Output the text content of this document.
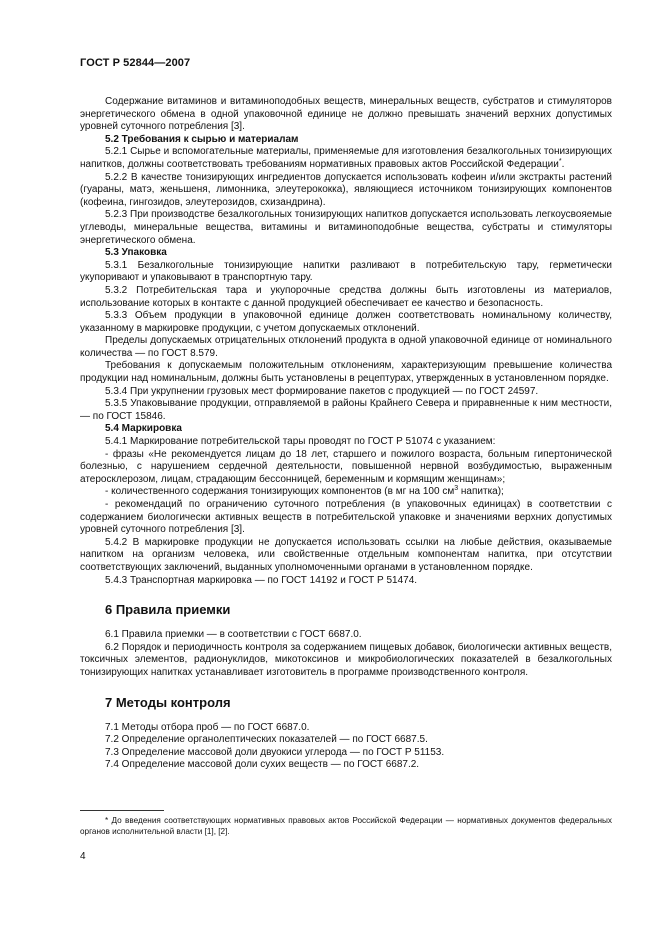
ГОСТ Р 52844—2007

Содержание витаминов и витаминоподобных веществ, минеральных веществ, субстратов и стимуляторов энергетического обмена в одной упаковочной единице не должно превышать значений верхних допустимых уровней суточного потребления [3].

5.2 Требования к сырью и материалам

5.2.1 Сырье и вспомогательные материалы, применяемые для изготовления безалкогольных тонизирующих напитков, должны соответствовать требованиям нормативных правовых актов Российской Федерации*.

5.2.2 В качестве тонизирующих ингредиентов допускается использовать кофеин и/или экстракты растений (гуараны, матэ, женьшеня, лимонника, элеутерококка), являющиеся источником тонизирующих компонентов (кофеина, гингозидов, элеутерозидов, схизандрина).

5.2.3 При производстве безалкогольных тонизирующих напитков допускается использовать легкоусвояемые углеводы, минеральные вещества, витамины и витаминоподобные вещества, субстраты и стимуляторы энергетического обмена.

5.3 Упаковка

5.3.1 Безалкогольные тонизирующие напитки разливают в потребительскую тару, герметически укупоривают и упаковывают в транспортную тару.

5.3.2 Потребительская тара и укупорочные средства должны быть изготовлены из материалов, использование которых в контакте с данной продукцией обеспечивает ее качество и безопасность.

5.3.3 Объем продукции в упаковочной единице должен соответствовать номинальному количеству, указанному в маркировке продукции, с учетом допускаемых отклонений.

Пределы допускаемых отрицательных отклонений продукта в одной упаковочной единице от номинального количества — по ГОСТ 8.579.

Требования к допускаемым положительным отклонениям, характеризующим превышение количества продукции над номинальным, должны быть установлены в рецептурах, утвержденных в установленном порядке.

5.3.4 При укрупнении грузовых мест формирование пакетов с продукцией — по ГОСТ 24597.

5.3.5 Упаковывание продукции, отправляемой в районы Крайнего Севера и приравненные к ним местности, — по ГОСТ 15846.

5.4 Маркировка

5.4.1 Маркирование потребительской тары проводят по ГОСТ Р 51074 с указанием:

- фразы «Не рекомендуется лицам до 18 лет, старшего и пожилого возраста, больным гипертонической болезнью, с нарушением сердечной деятельности, повышенной нервной возбудимостью, выраженным атеросклерозом, лицам, страдающим бессонницей, беременным и кормящим женщинам»;

- количественного содержания тонизирующих компонентов (в мг на 100 $см^3$ напитка);

- рекомендаций по ограничению суточного потребления (в упаковочных единицах) в соответствии с содержанием биологически активных веществ в потребительской упаковке и значениями верхних допустимых уровней суточного потребления [3].

5.4.2 В маркировке продукции не допускается использовать ссылки на любые действия, оказываемые напитком на организм человека, или свойственные отдельным компонентам напитка, при отсутствии соответствующих заключений, выданных уполномоченными органами в установленном порядке.

5.4.3 Транспортная маркировка — по ГОСТ 14192 и ГОСТ Р 51474.

6 Правила приемки

6.1 Правила приемки — в соответствии с ГОСТ 6687.0.

6.2 Порядок и периодичность контроля за содержанием пищевых добавок, биологически активных веществ, токсичных элементов, радионуклидов, микотоксинов и микробиологических показателей в безалкогольных тонизирующих напитках устанавливает изготовитель в программе производственного контроля.

7 Методы контроля

7.1 Методы отбора проб — по ГОСТ 6687.0.

7.2 Определение органолептических показателей — по ГОСТ 6687.5.

7.3 Определение массовой доли двуокиси углерода — по ГОСТ Р 51153.

7.4 Определение массовой доли сухих веществ — по ГОСТ 6687.2.

* До введения соответствующих нормативных правовых актов Российской Федерации — нормативных документов федеральных органов исполнительной власти [1], [2].
4
